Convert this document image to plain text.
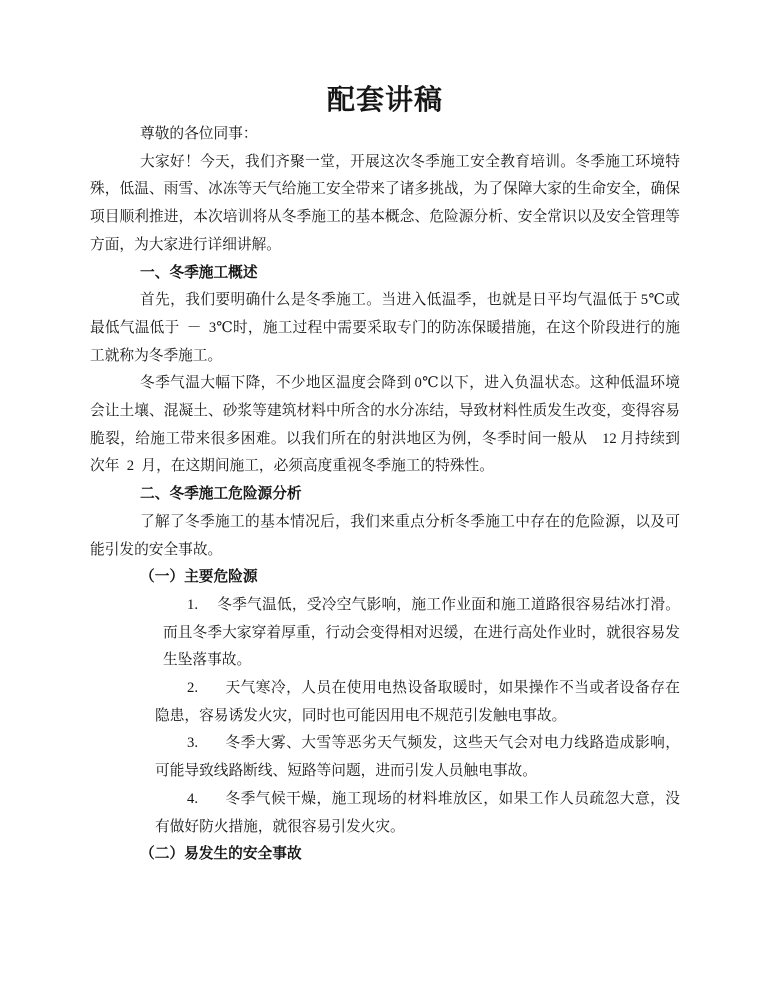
配套讲稿

尊敬的各位同事：

大家好！今天，我们齐聚一堂，开展这次冬季施工安全教育培训。冬季施工环境特殊，低温、雨雪、冰冻等天气给施工安全带来了诸多挑战，为了保障大家的生命安全，确保项目顺利推进，本次培训将从冬季施工的基本概念、危险源分析、安全常识以及安全管理等方面，为大家进行详细讲解。

一、冬季施工概述

首先，我们要明确什么是冬季施工。当进入低温季，也就是日平均气温低于 5℃或最低气温低于 － 3℃时，施工过程中需要采取专门的防冻保暖措施，在这个阶段进行的施工就称为冬季施工。

冬季气温大幅下降，不少地区温度会降到 0℃以下，进入负温状态。这种低温环境会让土壤、混凝土、砂浆等建筑材料中所含的水分冻结，导致材料性质发生改变，变得容易脆裂，给施工带来很多困难。以我们所在的射洪地区为例，冬季时间一般从 12 月持续到次年 2 月，在这期间施工，必须高度重视冬季施工的特殊性。

二、冬季施工危险源分析

了解了冬季施工的基本情况后，我们来重点分析冬季施工中存在的危险源，以及可能引发的安全事故。

（一）主要危险源

1. 冬季气温低，受冷空气影响，施工作业面和施工道路很容易结冰打滑。而且冬季大家穿着厚重，行动会变得相对迟缓，在进行高处作业时，就很容易发生坠落事故。

2. 天气寒冷，人员在使用电热设备取暖时，如果操作不当或者设备存在隐患，容易诱发火灾，同时也可能因用电不规范引发触电事故。

3. 冬季大雾、大雪等恶劣天气频发，这些天气会对电力线路造成影响，可能导致线路断线、短路等问题，进而引发人员触电事故。

4. 冬季气候干燥，施工现场的材料堆放区，如果工作人员疏忽大意，没有做好防火措施，就很容易引发火灾。

（二）易发生的安全事故
